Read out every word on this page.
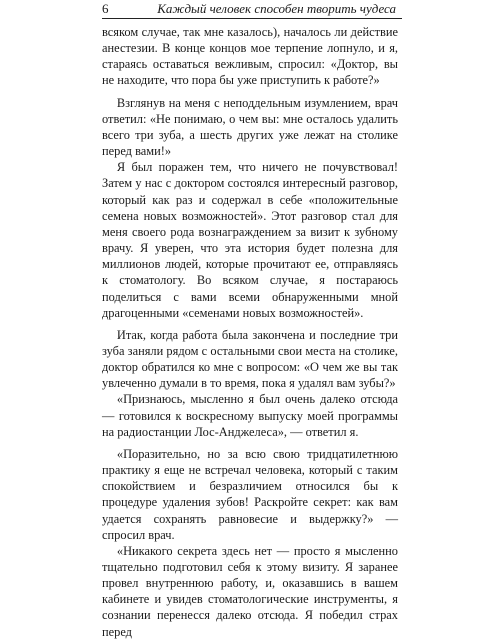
6	Каждый человек способен творить чудеса

всяком случае, так мне казалось), началось ли действие анестезии. В конце концов мое терпение лопнуло, и я, стараясь оставаться вежливым, спросил: «Доктор, вы не находите, что пора бы уже приступить к работе?»

Взглянув на меня с неподдельным изумлением, врач ответил: «Не понимаю, о чем вы: мне осталось удалить всего три зуба, а шесть других уже лежат на столике перед вами!»

Я был поражен тем, что ничего не почувствовал! Затем у нас с доктором состоялся интересный разговор, который как раз и содержал в себе «положительные семена новых возможностей». Этот разговор стал для меня своего рода вознаграждением за визит к зубному врачу. Я уверен, что эта история будет полезна для миллионов людей, которые прочитают ее, отправляясь к стоматологу. Во всяком случае, я постараюсь поделиться с вами всеми обнаруженными мной драгоценными «семенами новых возможностей».

Итак, когда работа была закончена и последние три зуба заняли рядом с остальными свои места на столике, доктор обратился ко мне с вопросом: «О чем же вы так увлеченно думали в то время, пока я удалял вам зубы?»

«Признаюсь, мысленно я был очень далеко отсюда — готовился к воскресному выпуску моей программы на радиостанции Лос-Анджелеса», — ответил я.

«Поразительно, но за всю свою тридцатилетнюю практику я еще не встречал человека, который с таким спокойствием и безразличием относился бы к процедуре удаления зубов! Раскройте секрет: как вам удается сохранять равновесие и выдержку?» — спросил врач.

«Никакого секрета здесь нет — просто я мысленно тщательно подготовил себя к этому визиту. Я заранее провел внутреннюю работу, и, оказавшись в вашем кабинете и увидев стоматологические инструменты, я сознании перенесся далеко отсюда. Я победил страх перед
